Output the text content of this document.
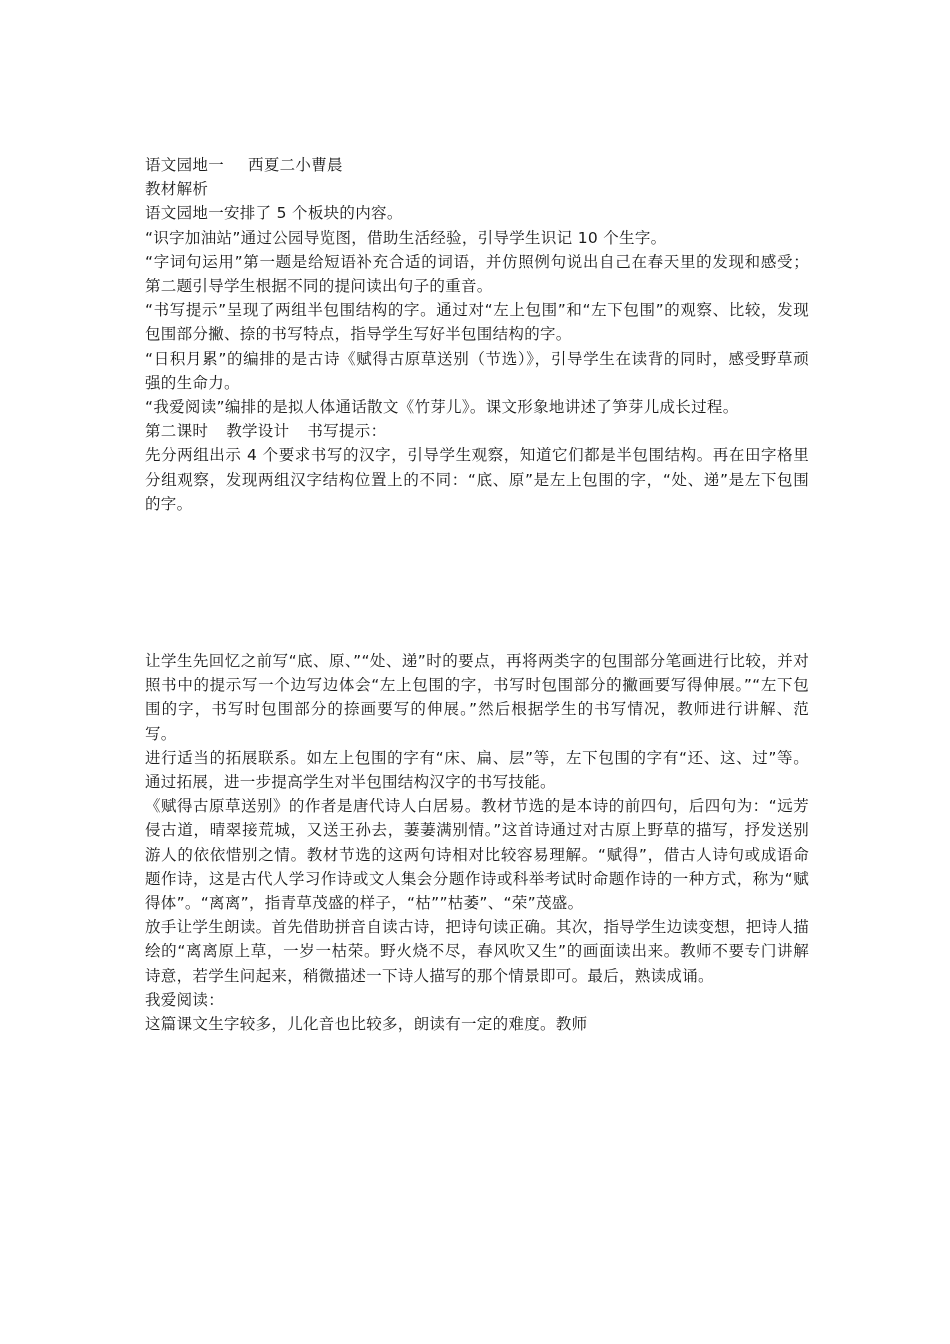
语文园地一 西夏二小曹晨

教材解析

语文园地一安排了 5 个板块的内容。

“识字加油站”通过公园导览图，借助生活经验，引导学生识记 10 个生字。

“字词句运用”第一题是给短语补充合适的词语，并仿照例句说出自己在春天里的发现和感受；第二题引导学生根据不同的提问读出句子的重音。

“书写提示”呈现了两组半包围结构的字。通过对“左上包围”和“左下包围”的观察、比较，发现包围部分撇、捺的书写特点，指导学生写好半包围结构的字。

“日积月累”的编排的是古诗《赋得古原草送别（节选）》，引导学生在读背的同时，感受野草顽强的生命力。

“我爱阅读”编排的是拟人体通话散文《竹芽儿》。课文形象地讲述了笋芽儿成长过程。

第二课时 教学设计 书写提示：

先分两组出示 4 个要求书写的汉字，引导学生观察，知道它们都是半包围结构。再在田字格里分组观察，发现两组汉字结构位置上的不同：“底、原”是左上包围的字，“处、递”是左下包围的字。

让学生先回忆之前写“底、原、”“处、递”时的要点，再将两类字的包围部分笔画进行比较，并对照书中的提示写一个边写边体会“左上包围的字，书写时包围部分的撇画要写得伸展。”“左下包围的字，书写时包围部分的捺画要写的伸展。”然后根据学生的书写情况，教师进行讲解、范写。

进行适当的拓展联系。如左上包围的字有“床、扁、层”等，左下包围的字有“还、这、过”等。通过拓展，进一步提高学生对半包围结构汉字的书写技能。

《赋得古原草送别》的作者是唐代诗人白居易。教材节选的是本诗的前四句，后四句为：“远芳侵古道，晴翠接荒城，又送王孙去，萋萋满别情。”这首诗通过对古原上野草的描写，抒发送别游人的依依惜别之情。教材节选的这两句诗相对比较容易理解。“赋得”，借古人诗句或成语命题作诗，这是古代人学习作诗或文人集会分题作诗或科举考试时命题作诗的一种方式，称为“赋得体”。“离离”，指青草茂盛的样子，“枯””枯萎”、“荣”茂盛。

放手让学生朗读。首先借助拼音自读古诗，把诗句读正确。其次，指导学生边读变想，把诗人描绘的“离离原上草，一岁一枯荣。野火烧不尽，春风吹又生”的画面读出来。教师不要专门讲解诗意，若学生问起来，稍微描述一下诗人描写的那个情景即可。最后，熟读成诵。

我爱阅读：

这篇课文生字较多，儿化音也比较多，朗读有一定的难度。教师
